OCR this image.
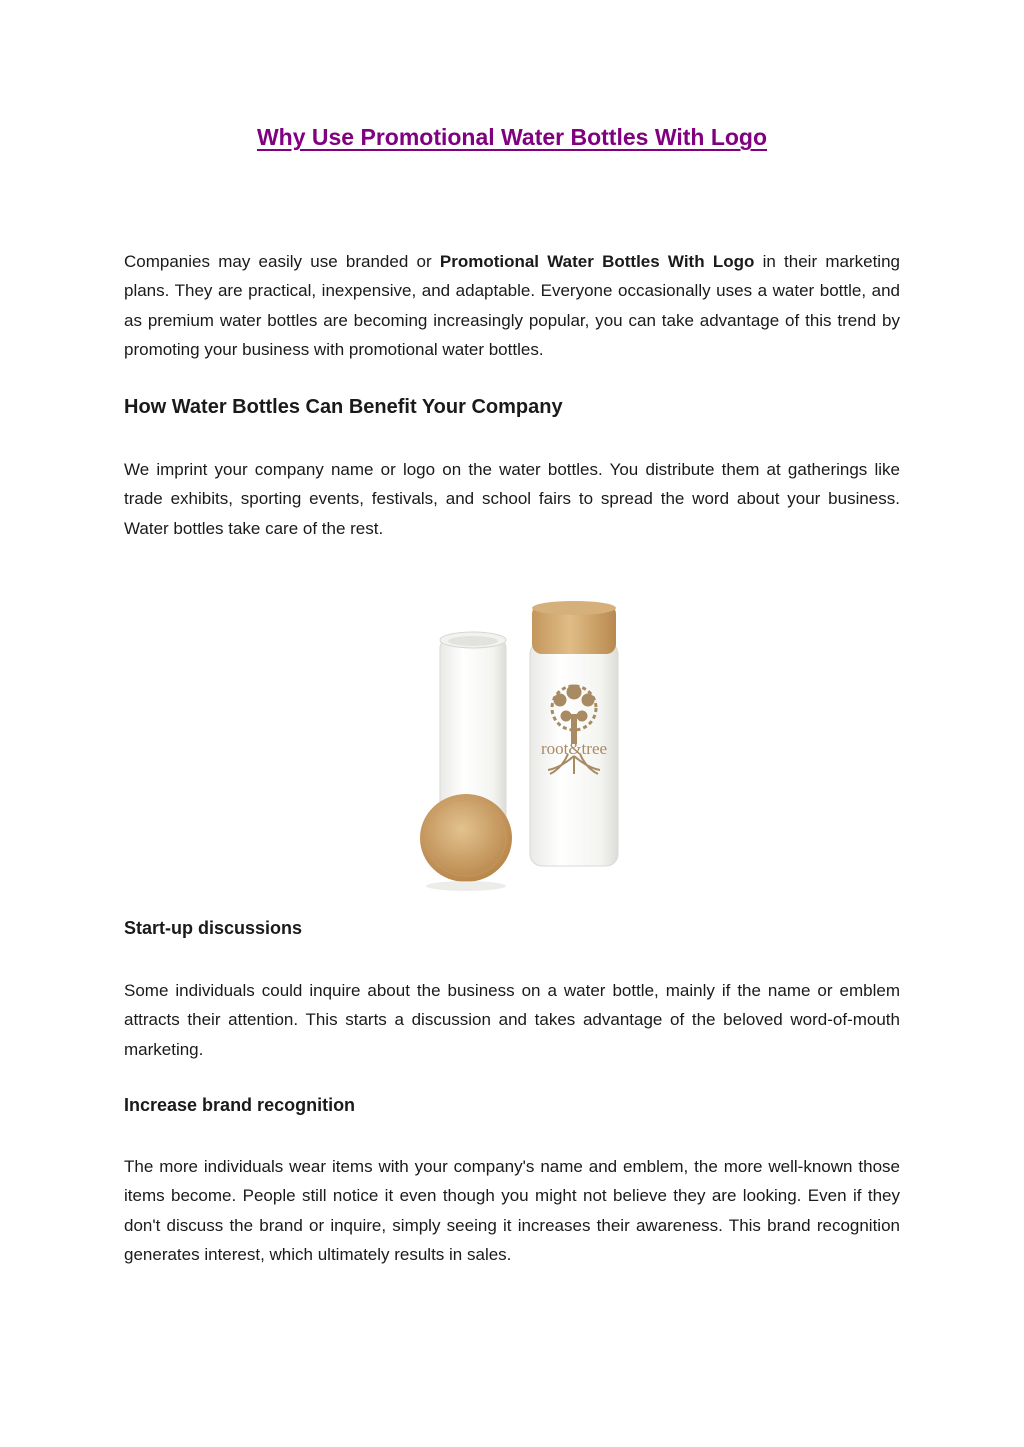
Why Use Promotional Water Bottles With Logo

Companies may easily use branded or Promotional Water Bottles With Logo in their marketing plans. They are practical, inexpensive, and adaptable. Everyone occasionally uses a water bottle, and as premium water bottles are becoming increasingly popular, you can take advantage of this trend by promoting your business with promotional water bottles.

How Water Bottles Can Benefit Your Company

We imprint your company name or logo on the water bottles. You distribute them at gatherings like trade exhibits, sporting events, festivals, and school fairs to spread the word about your business. Water bottles take care of the rest.

root&tree
Start-up discussions

Some individuals could inquire about the business on a water bottle, mainly if the name or emblem attracts their attention. This starts a discussion and takes advantage of the beloved word-of-mouth marketing.

Increase brand recognition

The more individuals wear items with your company's name and emblem, the more well-known those items become. People still notice it even though you might not believe they are looking. Even if they don't discuss the brand or inquire, simply seeing it increases their awareness. This brand recognition generates interest, which ultimately results in sales.
